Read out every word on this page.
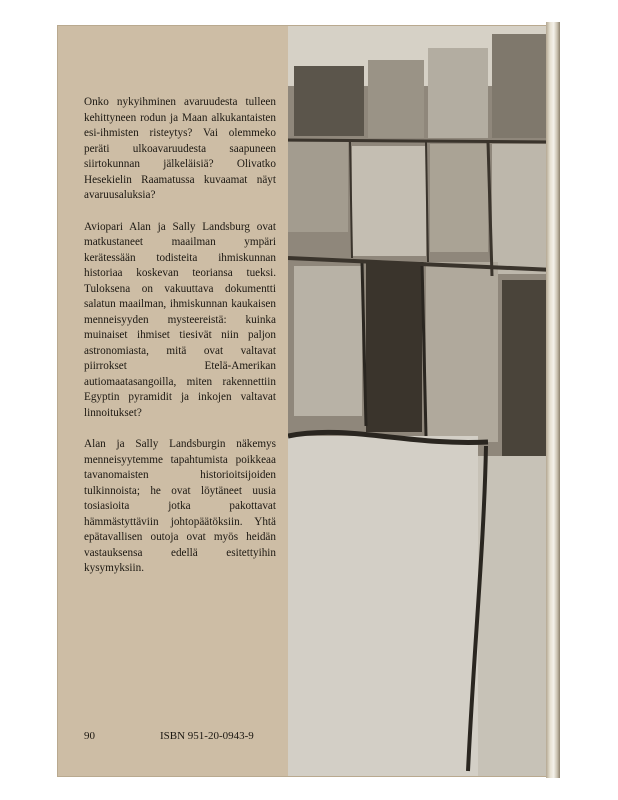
Onko nykyihminen avaruudesta tulleen kehittyneen rodun ja Maan alkukantaisten esi-ihmisten risteytys? Vai olemmeko peräti ulkoavaruudesta saapuneen siirtokunnan jälkeläisiä? Olivatko Hesekielin Raamatussa kuvaamat näyt avaruusaluksia?

Aviopari Alan ja Sally Landsburg ovat matkustaneet maailman ympäri kerätessään todisteita ihmiskunnan historiaa koskevan teoriansa tueksi. Tuloksena on vakuuttava dokumentti salatun maailman, ihmiskunnan kaukaisen menneisyyden mysteereistä: kuinka muinaiset ihmiset tiesivät niin paljon astronomiasta, mitä ovat valtavat piirrokset Etelä-Amerikan autiomaatasangoilla, miten rakennettiin Egyptin pyramidit ja inkojen valtavat linnoitukset?

Alan ja Sally Landsburgin näkemys menneisyytemme tapahtumista poikkeaa tavanomaisten historioitsijoiden tulkinnoista; he ovat löytäneet uusia tosiasioita jotka pakottavat hämmästyttäviin johtopäätöksiin. Yhtä epätavallisen outoja ovat myös heidän vastauksensa edellä esitettyihin kysymyksiin.

90	ISBN 951-20-0943-9
